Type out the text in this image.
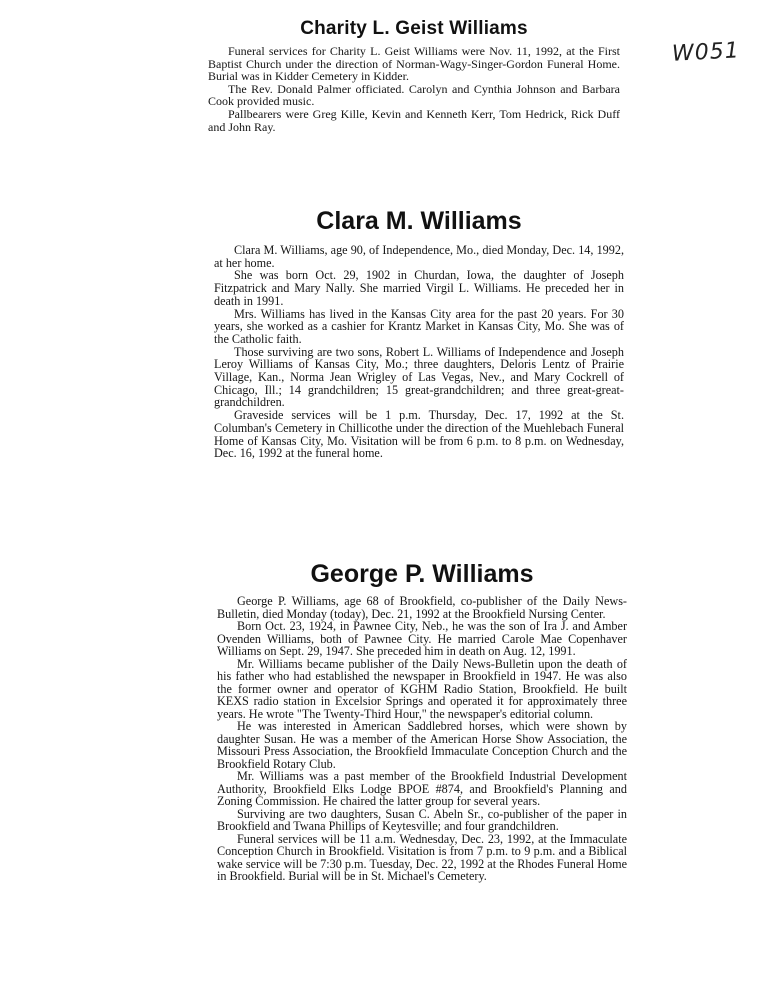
W051
Charity L. Geist Williams

Funeral services for Charity L. Geist Williams were Nov. 11, 1992, at the First Baptist Church under the direction of Norman-Wagy-Singer-Gordon Funeral Home. Burial was in Kidder Cemetery in Kidder.

The Rev. Donald Palmer officiated. Carolyn and Cynthia Johnson and Barbara Cook provided music.

Pallbearers were Greg Kille, Kevin and Kenneth Kerr, Tom Hedrick, Rick Duff and John Ray.

Clara M. Williams

Clara M. Williams, age 90, of Independence, Mo., died Monday, Dec. 14, 1992, at her home.

She was born Oct. 29, 1902 in Churdan, Iowa, the daughter of Joseph Fitzpatrick and Mary Nally. She married Virgil L. Williams. He preceded her in death in 1991.

Mrs. Williams has lived in the Kansas City area for the past 20 years. For 30 years, she worked as a cashier for Krantz Market in Kansas City, Mo. She was of the Catholic faith.

Those surviving are two sons, Robert L. Williams of Independence and Joseph Leroy Williams of Kansas City, Mo.; three daughters, Deloris Lentz of Prairie Village, Kan., Norma Jean Wrigley of Las Vegas, Nev., and Mary Cockrell of Chicago, Ill.; 14 grandchildren; 15 great-grandchildren; and three great-great-grandchildren.

Graveside services will be 1 p.m. Thursday, Dec. 17, 1992 at the St. Columban's Cemetery in Chillicothe under the direction of the Muehlebach Funeral Home of Kansas City, Mo. Visitation will be from 6 p.m. to 8 p.m. on Wednesday, Dec. 16, 1992 at the funeral home.

George P. Williams

George P. Williams, age 68 of Brookfield, co-publisher of the Daily News-Bulletin, died Monday (today), Dec. 21, 1992 at the Brookfield Nursing Center.

Born Oct. 23, 1924, in Pawnee City, Neb., he was the son of Ira J. and Amber Ovenden Williams, both of Pawnee City. He married Carole Mae Copenhaver Williams on Sept. 29, 1947. She preceded him in death on Aug. 12, 1991.

Mr. Williams became publisher of the Daily News-Bulletin upon the death of his father who had established the newspaper in Brookfield in 1947. He was also the former owner and operator of KGHM Radio Station, Brookfield. He built KEXS radio station in Excelsior Springs and operated it for approximately three years. He wrote "The Twenty-Third Hour," the newspaper's editorial column.

He was interested in American Saddlebred horses, which were shown by daughter Susan. He was a member of the American Horse Show Association, the Missouri Press Association, the Brookfield Immaculate Conception Church and the Brookfield Rotary Club.

Mr. Williams was a past member of the Brookfield Industrial Development Authority, Brookfield Elks Lodge BPOE #874, and Brookfield's Planning and Zoning Commission. He chaired the latter group for several years.

Surviving are two daughters, Susan C. Abeln Sr., co-publisher of the paper in Brookfield and Twana Phillips of Keytesville; and four grandchildren.

Funeral services will be 11 a.m. Wednesday, Dec. 23, 1992, at the Immaculate Conception Church in Brookfield. Visitation is from 7 p.m. to 9 p.m. and a Biblical wake service will be 7:30 p.m. Tuesday, Dec. 22, 1992 at the Rhodes Funeral Home in Brookfield. Burial will be in St. Michael's Cemetery.
